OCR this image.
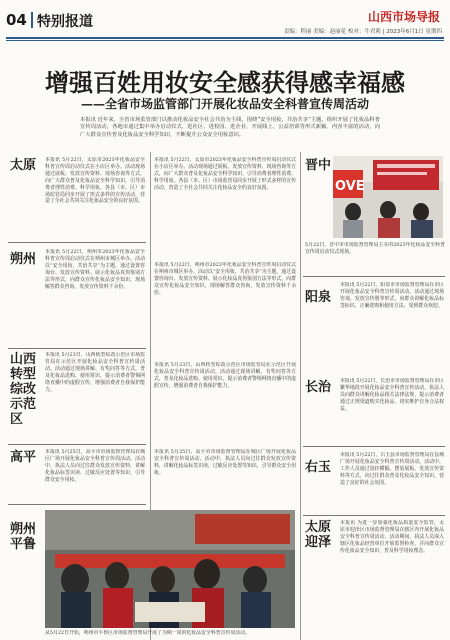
04 特别报道	山西市场导报
责编：程丽 美编：赵丽花 校对：牛君莉 | 2023年6月1日 星期四
增强百姓用妆安全感获得感幸福感
——全省市场监管部门开展化妆品安全科普宣传周活动
本报讯 近年来，全省市场监管部门以推动化妆品安全社会共治为主线，围绕“安全用妆，共治共享”主题，组织开展了化妆品科普宣传周活动，各地市通过集中举办启动仪式、进社区、进校园、进企业、开展线上、公益培训等形式新颖、内容丰富的活动，向广大群众宣传普及化妆品安全科学知识，不断提升公众安全用妆意识。
太原 本报讯 5月22日，太原市2023年化妆品安全科普宣传周启动仪式在小店区举办。活动现场通过展板、发放宣传资料、现场咨询等方式，向广大群众普及化妆品安全科学知识，引导消费者理性消费、科学用妆。各县（市、区）市场监管局同步开展了形式多样的宣传活动，营造了全社会共同关注化妆品安全的良好氛围。
朔州 本报讯 5月22日，朔州市2023年化妆品安全科普宣传周启动仪式在朔州市城区举办。活动以“安全用妆，共治共享”为主题，通过设置咨询台、发放宣传资料、展示化妆品真伪鉴别方法等形式，向群众宣传化妆品安全知识，现场解答群众咨询，发放宣传资料千余份。
山西
转型
综改
示范
区
本报讯 5月23日，山西转型综改示范区市场监管局在示范区开展化妆品安全科普宣传周活动。活动通过现场讲解、有奖问答等方式，普及化妆品选购、使用常识，提示消费者警惕网络直播中的虚假宣传，增强消费者自我保护能力。
高平 本报讯 5月25日，高平市市场监督管理局在城区广场开展化妆品安全科普宣传周活动。活动中，执法人员向过往群众发放宣传资料，讲解化妆品标签识读、过敏反应处置等知识，引导群众安全用妆。
朔州
平鲁
本报讯 5月22日，太原市2023年化妆品安全科普宣传周启动仪式在小店区举办。活动现场通过展板、发放宣传资料、现场咨询等方式，向广大群众普及化妆品安全科学知识，引导消费者理性消费、科学用妆。各县（市、区）市场监管局同步开展了形式多样的宣传活动，营造了全社会共同关注化妆品安全的良好氛围。
本报讯 5月22日，朔州市2023年化妆品安全科普宣传周启动仪式在朔州市城区举办。活动以“安全用妆，共治共享”为主题，通过设置咨询台、发放宣传资料、展示化妆品真伪鉴别方法等形式，向群众宣传化妆品安全知识，现场解答群众咨询，发放宣传资料千余份。
本报讯 5月23日，山西转型综改示范区市场监管局在示范区开展化妆品安全科普宣传周活动。活动通过现场讲解、有奖问答等方式，普及化妆品选购、使用常识，提示消费者警惕网络直播中的虚假宣传，增强消费者自我保护能力。
本报讯 5月25日，高平市市场监督管理局在城区广场开展化妆品安全科普宣传周活动。活动中，执法人员向过往群众发放宣传资料，讲解化妆品标签识读、过敏反应处置等知识，引导群众安全用妆。
从5月22日开始，朔州市平鲁区市场监督管理局开展了为期一周的化妆品安全科普宣传周活动。
晋中
OVE
5月22日，晋中市市场监督管理局主办的2023年化妆品安全科普宣传周启动仪式现场。
阳泉
本报讯 5月22日，阳泉市市场监督管理局在市区开展化妆品安全科普宣传周活动。活动通过现场咨询、发放宣传册等形式，向群众讲解化妆品标签标识、正确选购和使用方法，受到群众欢迎。
长治 本报讯 5月22日，长治市市场监督管理局在市区繁华地段开展化妆品安全科普宣传活动。执法人员向群众讲解化妆品相关法律法规，提示消费者通过正规渠道购买化妆品，切实维护自身合法权益。
右玉
本报讯 5月22日，右玉县市场监督管理局在县城广场开展化妆品安全科普宣传周活动。活动中，工作人员通过悬挂横幅、摆放展板、发放宣传资料等方式，向过往群众普及化妆品安全知识，营造了良好的社会氛围。
太原
迎泽
本报讯 为进一步加强化妆品质量安全监管，太原市迎泽区市场监督管理局在辖区内开展化妆品安全科普宣传周活动。活动期间，执法人员深入辖区化妆品经营单位开展监督检查，并向群众宣传化妆品安全知识，普及科学用妆理念。
